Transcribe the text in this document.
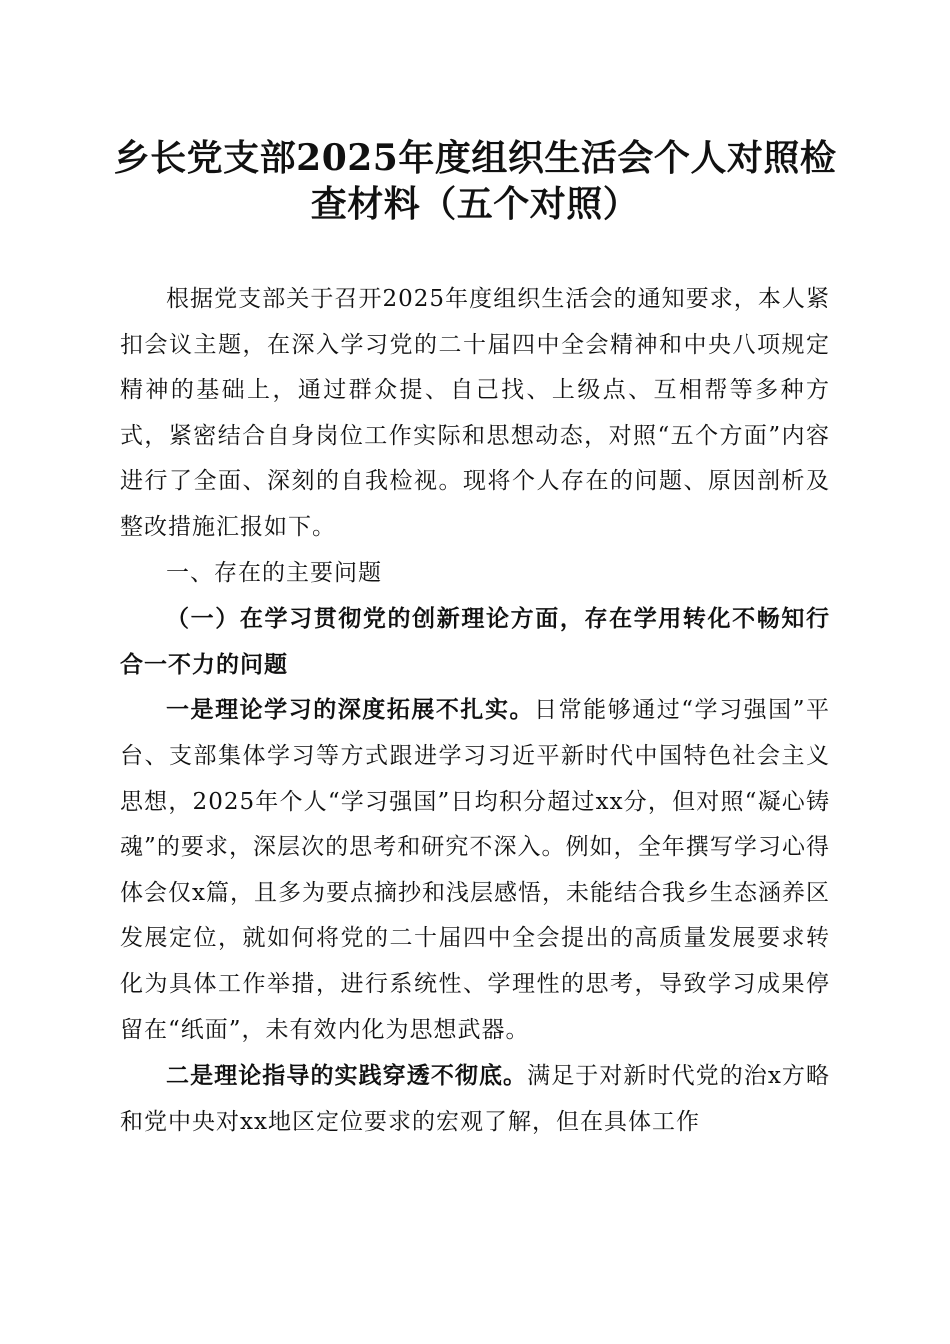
乡长党支部2025年度组织生活会个人对照检
查材料（五个对照）

根据党支部关于召开2025年度组织生活会的通知要求，本人紧扣会议主题，在深入学习党的二十届四中全会精神和中央八项规定精神的基础上，通过群众提、自己找、上级点、互相帮等多种方式，紧密结合自身岗位工作实际和思想动态，对照“五个方面”内容进行了全面、深刻的自我检视。现将个人存在的问题、原因剖析及整改措施汇报如下。

一、存在的主要问题

（一）在学习贯彻党的创新理论方面，存在学用转化不畅知行合一不力的问题

一是理论学习的深度拓展不扎实。日常能够通过“学习强国”平台、支部集体学习等方式跟进学习习近平新时代中国特色社会主义思想，2025年个人“学习强国”日均积分超过xx分，但对照“凝心铸魂”的要求，深层次的思考和研究不深入。例如，全年撰写学习心得体会仅x篇，且多为要点摘抄和浅层感悟，未能结合我乡生态涵养区发展定位，就如何将党的二十届四中全会提出的高质量发展要求转化为具体工作举措，进行系统性、学理性的思考，导致学习成果停留在“纸面”，未有效内化为思想武器。

二是理论指导的实践穿透不彻底。满足于对新时代党的治x方略和党中央对xx地区定位要求的宏观了解，但在具体工作
